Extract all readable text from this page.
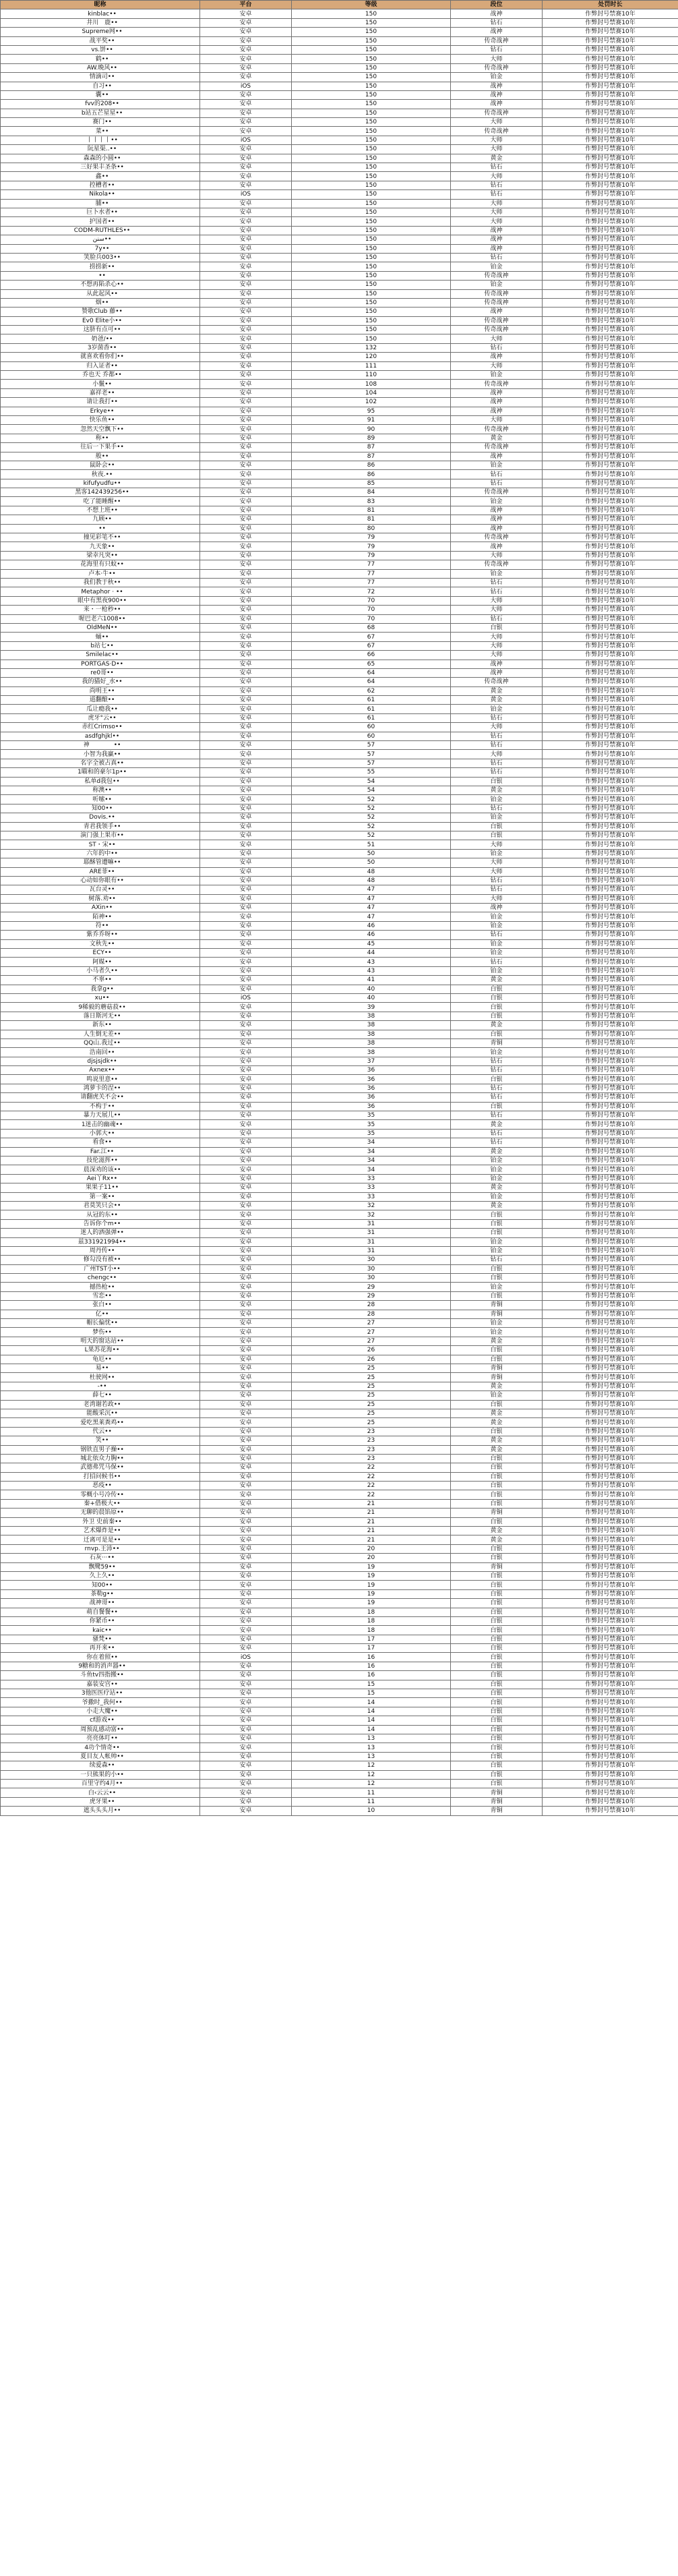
昵称	平台	等级	段位	处罚时长
kinblac••	安卓	150	战神	作弊封号禁赛10年
井川　鹿••	安卓	150	钻石	作弊封号禁赛10年
Supreme网••	安卓	150	战神	作弊封号禁赛10年
战平奖••	安卓	150	传奇战神	作弊封号禁赛10年
vs.饼••	安卓	150	钻石	作弊封号禁赛10年
鹤••	安卓	150	大师	作弊封号禁赛10年
AW.晚风••	安卓	150	传奇战神	作弊封号禁赛10年
情滴司••	安卓	150	铂金	作弊封号禁赛10年
自习••	iOS	150	战神	作弊封号禁赛10年
囊••	安卓	150	战神	作弊封号禁赛10年
fvv的208••	安卓	150	战神	作弊封号禁赛10年
b站五芒星星••	安卓	150	传奇战神	作弊封号禁赛10年
赛门••	安卓	150	大师	作弊封号禁赛10年
菜••	安卓	150	传奇战神	作弊封号禁赛10年
丨丨丨丨••	iOS	150	大师	作弊封号禁赛10年
阮星渠..••	安卓	150	大师	作弊封号禁赛10年
森森的小圆••	安卓	150	黄金	作弊封号禁赛10年
三好果丰圣条••	安卓	150	钻石	作弊封号禁赛10年
鑫••	安卓	150	大师	作弊封号禁赛10年
控槽者••	安卓	150	钻石	作弊封号禁赛10年
Nikola••	iOS	150	钻石	作弊封号禁赛10年
脯••	安卓	150	大师	作弊封号禁赛10年
巨卜水者••	安卓	150	大师	作弊封号禁赛10年
护国者••	安卓	150	大师	作弊封号禁赛10年
CODM-RUTHLES••	安卓	150	战神	作弊封号禁赛10年
سنن••	安卓	150	战神	作弊封号禁赛10年
7y••	安卓	150	战神	作弊封号禁赛10年
笑脸兵003••	安卓	150	钻石	作弊封号禁赛10年
捞捞新••	安卓	150	铂金	作弊封号禁赛10年
••	安卓	150	传奇战神	作弊封号禁赛10年
不想再陷杀心••	安卓	150	铂金	作弊封号禁赛10年
从此起风••	安卓	150	传奇战神	作弊封号禁赛10年
烟••	安卓	150	传奇战神	作弊封号禁赛10年
赞歌Club 藤••	安卓	150	战神	作弊封号禁赛10年
Ev0 Elite小••	安卓	150	传奇战神	作弊封号禁赛10年
这脐有点可••	安卓	150	传奇战神	作弊封号禁赛10年
奶爸/••	安卓	150	大师	作弊封号禁赛10年
3岁菌香••	安卓	132	钻石	作弊封号禁赛10年
就喜欢看你们••	安卓	120	战神	作弊封号禁赛10年
归入证者••	安卓	111	大师	作弊封号禁赛10年
乔也天 乔都••	安卓	110	铂金	作弊封号禁赛10年
小鬣••	安卓	108	传奇战神	作弊封号禁赛10年
嘉祥老••	安卓	104	战神	作弊封号禁赛10年
请让我打••	安卓	102	战神	作弊封号禁赛10年
Erkye••	安卓	95	战神	作弊封号禁赛10年
快乐鱼••	安卓	91	大师	作弊封号禁赛10年
忽然天空飘下••	安卓	90	传奇战神	作弊封号禁赛10年
称••	安卓	89	黄金	作弊封号禁赛10年
往后一下果手••	安卓	87	传奇战神	作弊封号禁赛10年
般••	安卓	87	战神	作弊封号禁赛10年
鼠卧会••	安卓	86	铂金	作弊封号禁赛10年
秋夜.••	安卓	86	钻石	作弊封号禁赛10年
kifufyudfu••	安卓	85	钻石	作弊封号禁赛10年
黑客14243925​6••	安卓	84	传奇战神	作弊封号禁赛10年
吃了能睡醒••	安卓	83	铂金	作弊封号禁赛10年
不想上班••	安卓	81	战神	作弊封号禁赛10年
九顾••	安卓	81	战神	作弊封号禁赛10年
••	安卓	80	战神	作弊封号禁赛10年
撞见彩笔不••	安卓	79	传奇战神	作弊封号禁赛10年
九天象••	安卓	79	战神	作弊封号禁赛10年
梁幸凡突••	安卓	79	大师	作弊封号禁赛10年
花海里有只蚊••	安卓	77	传奇战神	作弊封号禁赛10年
卢本·牛••	安卓	77	铂金	作弊封号禁赛10年
我们教于秋••	安卓	77	钻石	作弊封号禁赛10年
Metaphor · ••	安卓	72	钻石	作弊封号禁赛10年
眼中有黑夜900••	安卓	70	大师	作弊封号禁赛10年
来・一枪秒••	安卓	70	大师	作弊封号禁赛10年
喔巴老六1008••	安卓	70	钻石	作弊封号禁赛10年
OldMeN••	安卓	68	白银	作弊封号禁赛10年
蛹••	安卓	67	大师	作弊封号禁赛10年
b站七••	安卓	67	大师	作弊封号禁赛10年
Smilelac••	安卓	66	大师	作弊封号禁赛10年
PORTGAS·D••	安卓	65	战神	作弊封号禁赛10年
re0哥••	安卓	64	战神	作弊封号禁赛10年
我的猫好_水••	安卓	64	传奇战神	作弊封号禁赛10年
尚明王••	安卓	62	黄金	作弊封号禁赛10年
道翻酿••	安卓	61	黄金	作弊封号禁赛10年
瓜让瘾我••	安卓	61	铂金	作弊封号禁赛10年
虎牙°云••	安卓	61	钻石	作弊封号禁赛10年
赤红Crimso••	安卓	60	大师	作弊封号禁赛10年
asdfghjkl••	安卓	60	钻石	作弊封号禁赛10年
神　　　　••	安卓	57	钻石	作弊封号禁赛10年
小智为我赢••	安卓	57	大师	作弊封号禁赛10年
名字全被占真••	安卓	57	钻石	作弊封号禁赛10年
1瞄和的豪尔1p••	安卓	55	钻石	作弊封号禁赛10年
私单d我包••	安卓	54	白银	作弊封号禁赛10年
称澳••	安卓	54	黄金	作弊封号禁赛10年
听嗦••	安卓	52	铂金	作弊封号禁赛10年
知00••	安卓	52	钻石	作弊封号禁赛10年
Dovis.••	安卓	52	铂金	作弊封号禁赛10年
青君我领手••	安卓	52	白银	作弊封号禁赛10年
演门强上果市••	安卓	52	白银	作弊封号禁赛10年
ST・宋••	安卓	51	大师	作弊封号禁赛10年
六年的中••	安卓	50	铂金	作弊封号禁赛10年
耶酥管遭嘛••	安卓	50	大师	作弊封号禁赛10年
ARE菲••	安卓	48	大师	作弊封号禁赛10年
心动如你眼有••	安卓	48	钻石	作弊封号禁赛10年
瓦台灵••	安卓	47	钻石	作弊封号禁赛10年
树落.劝••	安卓	47	大师	作弊封号禁赛10年
AXin••	安卓	47	战神	作弊封号禁赛10年
陌神••	安卓	47	铂金	作弊封号禁赛10年
符••	安卓	46	铂金	作弊封号禁赛10年
紫乔乔呀••	安卓	46	钻石	作弊封号禁赛10年
文秋先••	安卓	45	铂金	作弊封号禁赛10年
ECY••	安卓	44	铂金	作弊封号禁赛10年
阿媒••	安卓	43	钻石	作弊封号禁赛10年
小马者久••	安卓	43	铂金	作弊封号禁赛10年
不辜••	安卓	41	黄金	作弊封号禁赛10年
我拿g••	安卓	40	白银	作弊封号禁赛10年
xu••	iOS	40	白银	作弊封号禁赛10年
9稀毅的蘑菇菽••	安卓	39	白银	作弊封号禁赛10年
落日斯河无••	安卓	38	白银	作弊封号禁赛10年
新东••	安卓	38	黄金	作弊封号禁赛10年
人生倒无差••	安卓	38	白银	作弊封号禁赛10年
QQ山.我过••	安卓	38	青铜	作弊封号禁赛10年
浩南回••	安卓	38	铂金	作弊封号禁赛10年
djsjsjdk••	安卓	37	钻石	作弊封号禁赛10年
Axnex••	安卓	36	钻石	作弊封号禁赛10年
鸣说里意••	安卓	36	白银	作弊封号禁赛10年
鸿萝卡的涅••	安卓	36	钻石	作弊封号禁赛10年
请翻虎关不会••	安卓	36	钻石	作弊封号禁赛10年
不构于••	安卓	36	白银	作弊封号禁赛10年
暴力天展儿••	安卓	35	钻石	作弊封号禁赛10年
1迷击的幽魂••	安卓	35	黄金	作弊封号禁赛10年
小郭大••	安卓	35	钻石	作弊封号禁赛10年
看食••	安卓	34	钻石	作弊封号禁赛10年
Far.江••	安卓	34	黄金	作弊封号禁赛10年
技伦滋挥••	安卓	34	铂金	作弊封号禁赛10年
晨深劝的该••	安卓	34	铂金	作弊封号禁赛10年
Aei丫Rx••	安卓	33	铂金	作弊封号禁赛10年
果果子11••	安卓	33	黄金	作弊封号禁赛10年
第一案••	安卓	33	铂金	作弊封号禁赛10年
君莫笑只会••	安卓	32	黄金	作弊封号禁赛10年
从冠的东••	安卓	32	白银	作弊封号禁赛10年
告诉你个m••	安卓	31	白银	作弊封号禁赛10年
迷人的洒强弹••	安卓	31	白银	作弊封号禁赛10年
兹33192199​4••	安卓	31	铂金	作弊封号禁赛10年
周丹传••	安卓	31	铂金	作弊封号禁赛10年
修勾没有被••	安卓	30	钻石	作弊封号禁赛10年
广州TST小••	安卓	30	白银	作弊封号禁赛10年
chengc••	安卓	30	白银	作弊封号禁赛10年
撼热枪••	安卓	29	铂金	作弊封号禁赛10年
雪恋••	安卓	29	白银	作弊封号禁赛10年
张白••	安卓	28	青铜	作弊封号禁赛10年
亿••	安卓	28	青铜	作弊封号禁赛10年
帽长偏忧••	安卓	27	铂金	作弊封号禁赛10年
梦伤••	安卓	27	铂金	作弊封号禁赛10年
明天的窗达站••	安卓	27	黄金	作弊封号禁赛10年
L果苏花海••	安卓	26	白银	作弊封号禁赛10年
龟厄••	安卓	26	白银	作弊封号禁赛10年
易••	安卓	25	青铜	作弊封号禁赛10年
杜驶网••	安卓	25	青铜	作弊封号禁赛10年
-••	安卓	25	黄金	作弊封号禁赛10年
薛七••	安卓	25	铂金	作弊封号禁赛10年
老湾谢若政••	安卓	25	白银	作弊封号禁赛10年
能酸采沉••	安卓	25	黄金	作弊封号禁赛10年
爱吃黑莱粪鸡••	安卓	25	黄金	作弊封号禁赛10年
代云••	安卓	23	白银	作弊封号禁赛10年
笑••	安卓	23	黄金	作弊封号禁赛10年
钢铁直男子操••	安卓	23	黄金	作弊封号禁赛10年
城北依众力胸••	安卓	23	白银	作弊封号禁赛10年
武德弗咒马保••	安卓	22	白银	作弊封号禁赛10年
打招问候书••	安卓	22	白银	作弊封号禁赛10年
恶疫••	安卓	22	白银	作弊封号禁赛10年
零概小号冷传••	安卓	22	白银	作弊封号禁赛10年
秦+借极大••	安卓	21	白银	作弊封号禁赛10年
无聊的晨馅原••	安卓	21	青铜	作弊封号禁赛10年
外卫 史前秦••	安卓	21	白银	作弊封号禁赛10年
艺术爆炸是••	安卓	21	黄金	作弊封号禁赛10年
迁离可是是••	安卓	21	黄金	作弊封号禁赛10年
rnvp.王沛••	安卓	20	白银	作弊封号禁赛10年
石灰···••	安卓	20	白银	作弊封号禁赛10年
飘鹭59••	安卓	19	青铜	作弊封号禁赛10年
久上久••	安卓	19	白银	作弊封号禁赛10年
知00••	安卓	19	白银	作弊封号禁赛10年
茶勒g••	安卓	19	白银	作弊封号禁赛10年
战神哥••	安卓	19	白银	作弊封号禁赛10年
萌自餐餐••	安卓	18	白银	作弊封号禁赛10年
你紧币••	安卓	18	白银	作弊封号禁赛10年
kaic••	安卓	18	白银	作弊封号禁赛10年
骚梵••	安卓	17	白银	作弊封号禁赛10年
再开来••	安卓	17	白银	作弊封号禁赛10年
你在着照••	iOS	16	白银	作弊封号禁赛10年
9糖和的消声器••	安卓	16	白银	作弊封号禁赛10年
斗鱼tv四指搬••	安卓	16	白银	作弊封号禁赛10年
嘉装安宫••	安卓	15	白银	作弊封号禁赛10年
3他医医疗站••	安卓	15	白银	作弊封号禁赛10年
爷撒时_我何••	安卓	14	白银	作弊封号禁赛10年
小走大魔••	安卓	14	白银	作弊封号禁赛10年
cf游戏••	安卓	14	白银	作弊封号禁赛10年
周预乱感动富••	安卓	14	白银	作弊封号禁赛10年
亮亮体叮••	安卓	13	白银	作弊封号禁赛10年
4功个情奇••	安卓	13	白银	作弊封号禁赛10年
夏目友人帐帅••	安卓	13	白银	作弊封号禁赛10年
续爱森••	安卓	12	白银	作弊封号禁赛10年
一只熊果的小••	安卓	12	白银	作弊封号禁赛10年
百里守约4月••	安卓	12	白银	作弊封号禁赛10年
白‹云云••	安卓	11	青铜	作弊封号禁赛10年
虎牙果••	安卓	11	青铜	作弊封号禁赛10年
遮头头头月••	安卓	10	青铜	作弊封号禁赛10年
